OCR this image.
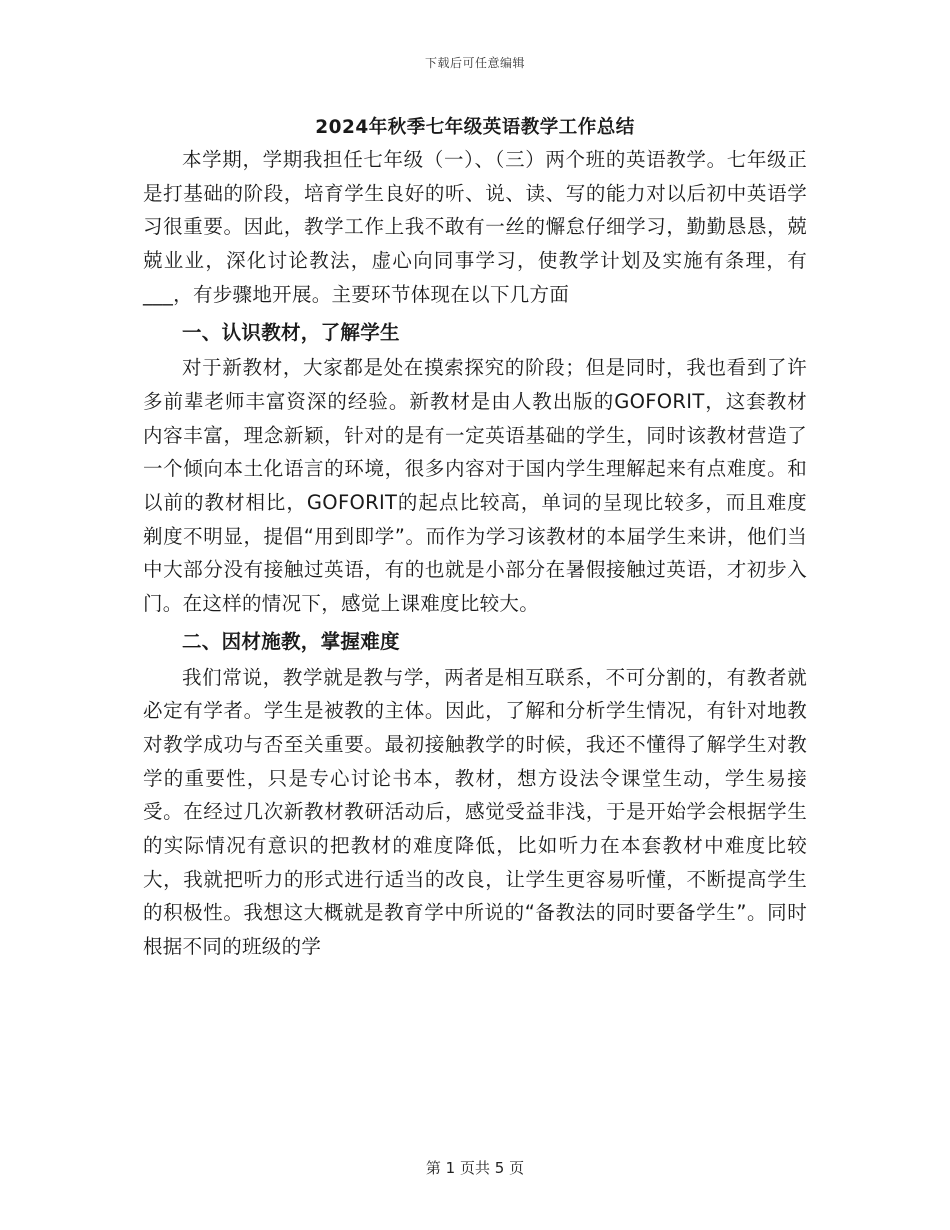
下载后可任意编辑
2024年秋季七年级英语教学工作总结

本学期，学期我担任七年级（一）、（三）两个班的英语教学。七年级正是打基础的阶段，培育学生良好的听、说、读、写的能力对以后初中英语学习很重要。因此，教学工作上我不敢有一丝的懈怠仔细学习，勤勤恳恳，兢兢业业，深化讨论教法，虚心向同事学习，使教学计划及实施有条理，有___，有步骤地开展。主要环节体现在以下几方面

一、认识教材，了解学生

对于新教材，大家都是处在摸索探究的阶段；但是同时，我也看到了许多前辈老师丰富资深的经验。新教材是由人教出版的GOFORIT，这套教材内容丰富，理念新颖，针对的是有一定英语基础的学生，同时该教材营造了一个倾向本土化语言的环境，很多内容对于国内学生理解起来有点难度。和以前的教材相比，GOFORIT的起点比较高，单词的呈现比较多，而且难度剃度不明显，提倡“用到即学”。而作为学习该教材的本届学生来讲，他们当中大部分没有接触过英语，有的也就是小部分在暑假接触过英语，才初步入门。在这样的情况下，感觉上课难度比较大。

二、因材施教，掌握难度

我们常说，教学就是教与学，两者是相互联系，不可分割的，有教者就必定有学者。学生是被教的主体。因此，了解和分析学生情况，有针对地教对教学成功与否至关重要。最初接触教学的时候，我还不懂得了解学生对教学的重要性，只是专心讨论书本，教材，想方设法令课堂生动，学生易接受。在经过几次新教材教研活动后，感觉受益非浅，于是开始学会根据学生的实际情况有意识的把教材的难度降低，比如听力在本套教材中难度比较大，我就把听力的形式进行适当的改良，让学生更容易听懂，不断提高学生的积极性。我想这大概就是教育学中所说的“备教法的同时要备学生”。同时根据不同的班级的学

第 1 页共 5 页
